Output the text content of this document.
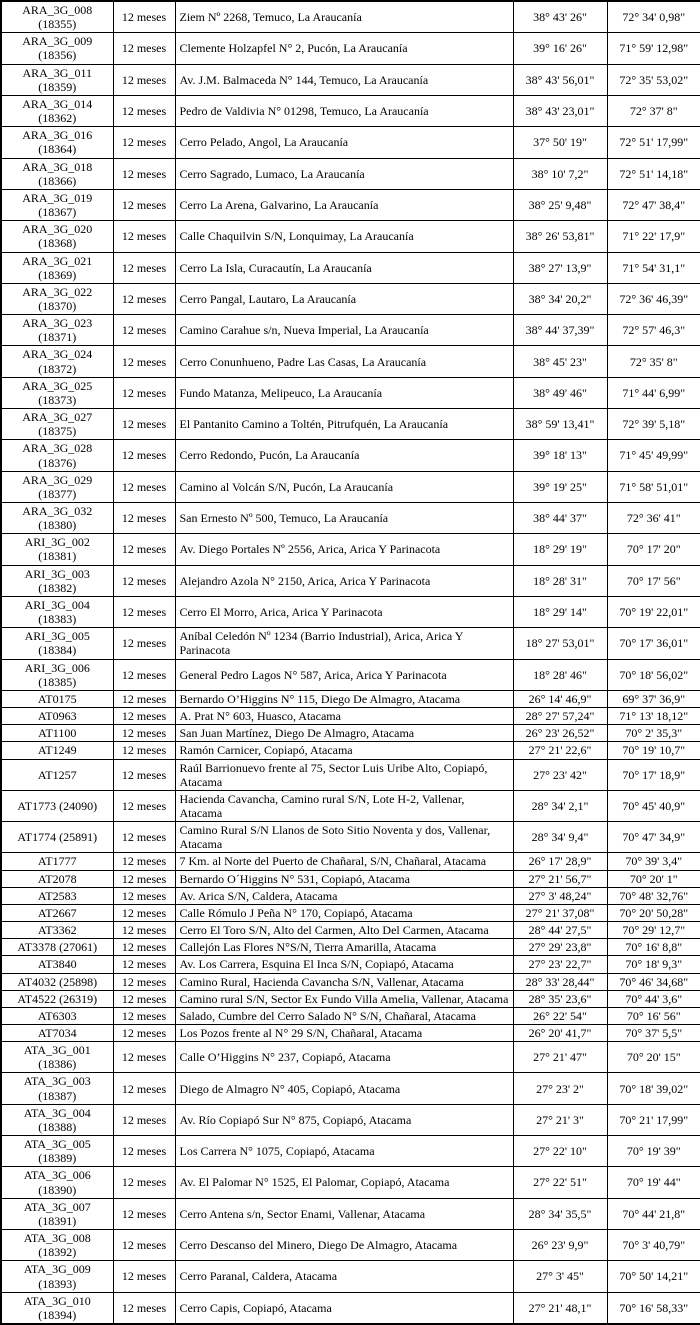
ARA_3G_008
(18355)	12 meses	Ziem Nº 2268, Temuco, La Araucanía	38° 43' 26"	72° 34' 0,98"

ARA_3G_009
(18356)	12 meses	Clemente Holzapfel N° 2, Pucón, La Araucanía	39° 16' 26"	71° 59' 12,98"

ARA_3G_011
(18359)	12 meses	Av. J.M. Balmaceda N° 144, Temuco, La Araucanía	38° 43' 56,01"	72° 35' 53,02"

ARA_3G_014
(18362)	12 meses	Pedro de Valdivia N° 01298, Temuco, La Araucanía	38° 43' 23,01"	72° 37' 8"

ARA_3G_016
(18364)	12 meses	Cerro Pelado, Angol, La Araucanía	37° 50' 19"	72° 51' 17,99"

ARA_3G_018
(18366)	12 meses	Cerro Sagrado, Lumaco, La Araucanía	38° 10' 7,2"	72° 51' 14,18"

ARA_3G_019
(18367)	12 meses	Cerro La Arena, Galvarino, La Araucanía	38° 25' 9,48"	72° 47' 38,4"

ARA_3G_020
(18368)	12 meses	Calle Chaquilvin S/N, Lonquimay, La Araucanía	38° 26' 53,81"	71° 22' 17,9"

ARA_3G_021
(18369)	12 meses	Cerro La Isla, Curacautín, La Araucanía	38° 27' 13,9"	71° 54' 31,1"

ARA_3G_022
(18370)	12 meses	Cerro Pangal, Lautaro, La Araucanía	38° 34' 20,2"	72° 36' 46,39"

ARA_3G_023
(18371)	12 meses	Camino Carahue s/n, Nueva Imperial, La Araucanía	38° 44' 37,39"	72° 57' 46,3"

ARA_3G_024
(18372)	12 meses	Cerro Conunhueno, Padre Las Casas, La Araucanía	38° 45' 23"	72° 35' 8"

ARA_3G_025
(18373)	12 meses	Fundo Matanza, Melipeuco, La Araucanía	38° 49' 46"	71° 44' 6,99"

ARA_3G_027
(18375)	12 meses	El Pantanito Camino a Toltén, Pitrufquén, La Araucanía	38° 59' 13,41"	72° 39' 5,18"

ARA_3G_028
(18376)	12 meses	Cerro Redondo, Pucón, La Araucanía	39° 18' 13"	71° 45' 49,99"

ARA_3G_029
(18377)	12 meses	Camino al Volcán S/N, Pucón, La Araucanía	39° 19' 25"	71° 58' 51,01"

ARA_3G_032
(18380)	12 meses	San Ernesto Nº 500, Temuco, La Araucanía	38° 44' 37"	72° 36' 41"

ARI_3G_002
(18381)	12 meses	Av. Diego Portales Nº 2556, Arica, Arica Y Parinacota	18° 29' 19"	70° 17' 20"

ARI_3G_003
(18382)	12 meses	Alejandro Azola N° 2150, Arica, Arica Y Parinacota	18° 28' 31"	70° 17' 56"

ARI_3G_004
(18383)	12 meses	Cerro El Morro, Arica, Arica Y Parinacota	18° 29' 14"	70° 19' 22,01"

ARI_3G_005
(18384)	12 meses	Aníbal Celedón Nº 1234 (Barrio Industrial), Arica, Arica Y Parinacota	18° 27' 53,01"	70° 17' 36,01"

ARI_3G_006
(18385)	12 meses	General Pedro Lagos N° 587, Arica, Arica Y Parinacota	18° 28' 46"	70° 18' 56,02"

AT0175	12 meses	Bernardo O’Higgins N° 115, Diego De Almagro, Atacama	26° 14' 46,9"	69° 37' 36,9"

AT0963	12 meses	A. Prat N° 603, Huasco, Atacama	28° 27' 57,24"	71° 13' 18,12"

AT1100	12 meses	San Juan Martínez, Diego De Almagro, Atacama	26° 23' 26,52"	70° 2' 35,3"

AT1249	12 meses	Ramón Carnicer, Copiapó, Atacama	27° 21' 22,6"	70° 19' 10,7"

AT1257	12 meses	Raúl Barrionuevo frente al 75, Sector Luis Uribe Alto, Copiapó, Atacama	27° 23' 42"	70° 17' 18,9"

AT1773 (24090)	12 meses	Hacienda Cavancha, Camino rural S/N, Lote H-2, Vallenar, Atacama	28° 34' 2,1"	70° 45' 40,9"

AT1774 (25891)	12 meses	Camino Rural S/N Llanos de Soto Sitio Noventa y dos, Vallenar, Atacama	28° 34' 9,4"	70° 47' 34,9"

AT1777	12 meses	7 Km. al Norte del Puerto de Chañaral, S/N, Chañaral, Atacama	26° 17' 28,9"	70° 39' 3,4"

AT2078	12 meses	Bernardo O´Higgins N° 531, Copiapó, Atacama	27° 21' 56,7"	70° 20' 1"

AT2583	12 meses	Av. Arica S/N, Caldera, Atacama	27° 3' 48,24"	70° 48' 32,76"

AT2667	12 meses	Calle Rómulo J Peña N° 170, Copiapó, Atacama	27° 21' 37,08"	70° 20' 50,28"

AT3362	12 meses	Cerro El Toro S/N, Alto del Carmen, Alto Del Carmen, Atacama	28° 44' 27,5"	70° 29' 12,7"

AT3378 (27061)	12 meses	Callejón Las Flores N°S/N, Tierra Amarilla, Atacama	27° 29' 23,8"	70° 16' 8,8"

AT3840	12 meses	Av. Los Carrera, Esquina El Inca S/N, Copiapó, Atacama	27° 23' 22,7"	70° 18' 9,3"

AT4032 (25898)	12 meses	Camino Rural, Hacienda Cavancha S/N, Vallenar, Atacama	28° 33' 28,44"	70° 46' 34,68"

AT4522 (26319)	12 meses	Camino rural S/N, Sector Ex Fundo Villa Amelia, Vallenar, Atacama	28° 35' 23,6"	70° 44' 3,6"

AT6303	12 meses	Salado, Cumbre del Cerro Salado N° S/N, Chañaral, Atacama	26° 22' 54"	70° 16' 56"

AT7034	12 meses	Los Pozos frente al N° 29 S/N, Chañaral, Atacama	26° 20' 41,7"	70° 37' 5,5"

ATA_3G_001
(18386)	12 meses	Calle O’Higgins N° 237, Copiapó, Atacama	27° 21' 47"	70° 20' 15"

ATA_3G_003
(18387)	12 meses	Diego de Almagro N° 405, Copiapó, Atacama	27° 23' 2"	70° 18' 39,02"

ATA_3G_004
(18388)	12 meses	Av. Río Copiapó Sur N° 875, Copiapó, Atacama	27° 21' 3"	70° 21' 17,99"

ATA_3G_005
(18389)	12 meses	Los Carrera N° 1075, Copiapó, Atacama	27° 22' 10"	70° 19' 39"

ATA_3G_006
(18390)	12 meses	Av. El Palomar N° 1525, El Palomar, Copiapó, Atacama	27° 22' 51"	70° 19' 44"

ATA_3G_007
(18391)	12 meses	Cerro Antena s/n, Sector Enami, Vallenar, Atacama	28° 34' 35,5"	70° 44' 21,8"

ATA_3G_008
(18392)	12 meses	Cerro Descanso del Minero, Diego De Almagro, Atacama	26° 23' 9,9"	70° 3' 40,79"

ATA_3G_009
(18393)	12 meses	Cerro Paranal, Caldera, Atacama	27° 3' 45"	70° 50' 14,21"

ATA_3G_010
(18394)	12 meses	Cerro Capis, Copiapó, Atacama	27° 21' 48,1"	70° 16' 58,33"
